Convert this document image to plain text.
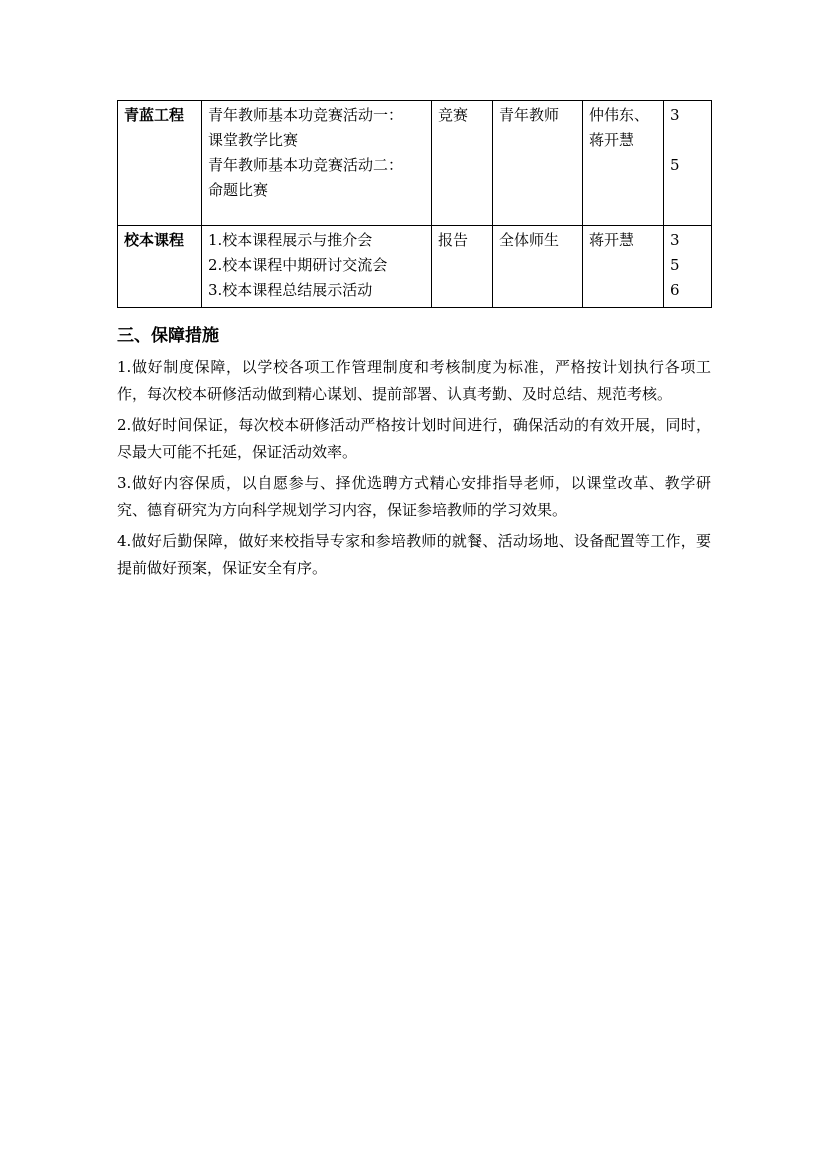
青蓝工程	青年教师基本功竞赛活动一：
课堂教学比赛
青年教师基本功竞赛活动二：
命题比赛	竞赛	青年教师	仲伟东、蒋开慧	3

5

校本课程	1.校本课程展示与推介会
2.校本课程中期研讨交流会
3.校本课程总结展示活动	报告	全体师生	蒋开慧	3
5
6
三、保障措施

1.做好制度保障，以学校各项工作管理制度和考核制度为标准，严格按计划执行各项工作，每次校本研修活动做到精心谋划、提前部署、认真考勤、及时总结、规范考核。

2.做好时间保证，每次校本研修活动严格按计划时间进行，确保活动的有效开展，同时，尽最大可能不托延，保证活动效率。

3.做好内容保质，以自愿参与、择优选聘方式精心安排指导老师，以课堂改革、教学研究、德育研究为方向科学规划学习内容，保证参培教师的学习效果。

4.做好后勤保障，做好来校指导专家和参培教师的就餐、活动场地、设备配置等工作，要提前做好预案，保证安全有序。
